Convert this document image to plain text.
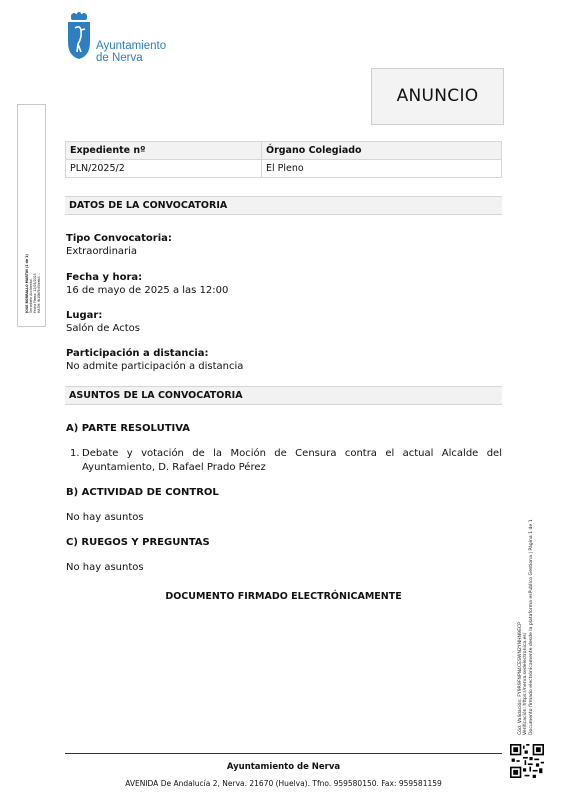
Ayuntamiento
de Nerva
ANUNCIO
JOSE BORRALLO MARTIN (1 de 1) Secretario Accidental Fecha Firma: 12/05/2025 HASH: fb10bf9df4eeb4...
Expediente nº	Órgano Colegiado
PLN/2025/2	El Pleno
DATOS DE LA CONVOCATORIA
Tipo Convocatoria:
Extraordinaria
Fecha y hora:
16 de mayo de 2025 a las 12:00
Lugar:
Salón de Actos
Participación a distancia:
No admite participación a distancia
ASUNTOS DE LA CONVOCATORIA
A) PARTE RESOLUTIVA
1. Debate y votación de la Moción de Censura contra el actual Alcalde del Ayuntamiento, D. Rafael Prado Pérez
B) ACTIVIDAD DE CONTROL
No hay asuntos
C) RUEGOS Y PREGUNTAS
No hay asuntos
DOCUMENTO FIRMADO ELECTRÓNICAMENTE
Cód. Validación: FY9R9FNPN4CESWN2YNHN9ECP Verificación: https://nerva.sedelectronica.es/ Documento firmado electrónicamente desde la plataforma esPublico Gestiona | Página 1 de 1
Ayuntamiento de Nerva
AVENIDA De Andalucía 2, Nerva. 21670 (Huelva). Tfno. 959580150. Fax: 959581159
